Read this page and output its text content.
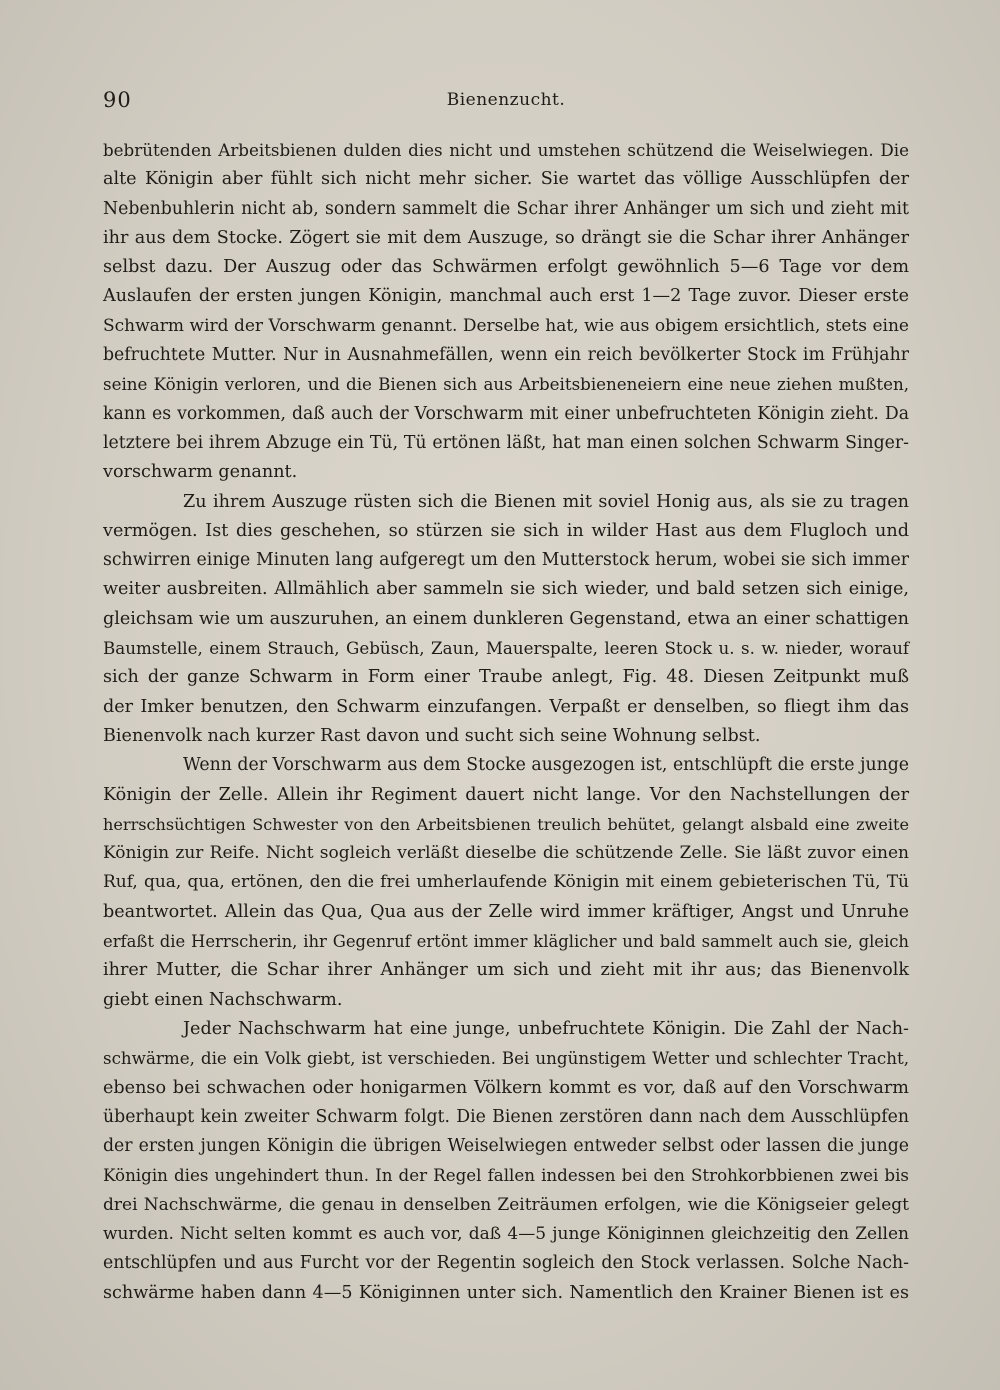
90	Bienenzucht.
bebrütenden Arbeitsbienen dulden dies nicht und umstehen schützend die Weiselwiegen. Die
alte Königin aber fühlt sich nicht mehr sicher. Sie wartet das völlige Ausschlüpfen der
Nebenbuhlerin nicht ab, sondern sammelt die Schar ihrer Anhänger um sich und zieht mit
ihr aus dem Stocke. Zögert sie mit dem Auszuge, so drängt sie die Schar ihrer Anhänger
selbst dazu. Der Auszug oder das Schwärmen erfolgt gewöhnlich 5—6 Tage vor dem
Auslaufen der ersten jungen Königin, manchmal auch erst 1—2 Tage zuvor. Dieser erste
Schwarm wird der Vorschwarm genannt. Derselbe hat, wie aus obigem ersichtlich, stets eine
befruchtete Mutter. Nur in Ausnahmefällen, wenn ein reich bevölkerter Stock im Frühjahr
seine Königin verloren, und die Bienen sich aus Arbeitsbieneneiern eine neue ziehen mußten,
kann es vorkommen, daß auch der Vorschwarm mit einer unbefruchteten Königin zieht. Da
letztere bei ihrem Abzuge ein Tü, Tü ertönen läßt, hat man einen solchen Schwarm Singer-
vorschwarm genannt.
Zu ihrem Auszuge rüsten sich die Bienen mit soviel Honig aus, als sie zu tragen
vermögen. Ist dies geschehen, so stürzen sie sich in wilder Hast aus dem Flugloch und
schwirren einige Minuten lang aufgeregt um den Mutterstock herum, wobei sie sich immer
weiter ausbreiten. Allmählich aber sammeln sie sich wieder, und bald setzen sich einige,
gleichsam wie um auszuruhen, an einem dunkleren Gegenstand, etwa an einer schattigen
Baumstelle, einem Strauch, Gebüsch, Zaun, Mauerspalte, leeren Stock u. s. w. nieder, worauf
sich der ganze Schwarm in Form einer Traube anlegt, Fig. 48. Diesen Zeitpunkt muß
der Imker benutzen, den Schwarm einzufangen. Verpaßt er denselben, so fliegt ihm das
Bienenvolk nach kurzer Rast davon und sucht sich seine Wohnung selbst.
Wenn der Vorschwarm aus dem Stocke ausgezogen ist, entschlüpft die erste junge
Königin der Zelle. Allein ihr Regiment dauert nicht lange. Vor den Nachstellungen der
herrschsüchtigen Schwester von den Arbeitsbienen treulich behütet, gelangt alsbald eine zweite
Königin zur Reife. Nicht sogleich verläßt dieselbe die schützende Zelle. Sie läßt zuvor einen
Ruf, qua, qua, ertönen, den die frei umherlaufende Königin mit einem gebieterischen Tü, Tü
beantwortet. Allein das Qua, Qua aus der Zelle wird immer kräftiger, Angst und Unruhe
erfaßt die Herrscherin, ihr Gegenruf ertönt immer kläglicher und bald sammelt auch sie, gleich
ihrer Mutter, die Schar ihrer Anhänger um sich und zieht mit ihr aus; das Bienenvolk
giebt einen Nachschwarm.
Jeder Nachschwarm hat eine junge, unbefruchtete Königin. Die Zahl der Nach-
schwärme, die ein Volk giebt, ist verschieden. Bei ungünstigem Wetter und schlechter Tracht,
ebenso bei schwachen oder honigarmen Völkern kommt es vor, daß auf den Vorschwarm
überhaupt kein zweiter Schwarm folgt. Die Bienen zerstören dann nach dem Ausschlüpfen
der ersten jungen Königin die übrigen Weiselwiegen entweder selbst oder lassen die junge
Königin dies ungehindert thun. In der Regel fallen indessen bei den Strohkorbbienen zwei bis
drei Nachschwärme, die genau in denselben Zeiträumen erfolgen, wie die Königseier gelegt
wurden. Nicht selten kommt es auch vor, daß 4—5 junge Königinnen gleichzeitig den Zellen
entschlüpfen und aus Furcht vor der Regentin sogleich den Stock verlassen. Solche Nach-
schwärme haben dann 4—5 Königinnen unter sich. Namentlich den Krainer Bienen ist es
